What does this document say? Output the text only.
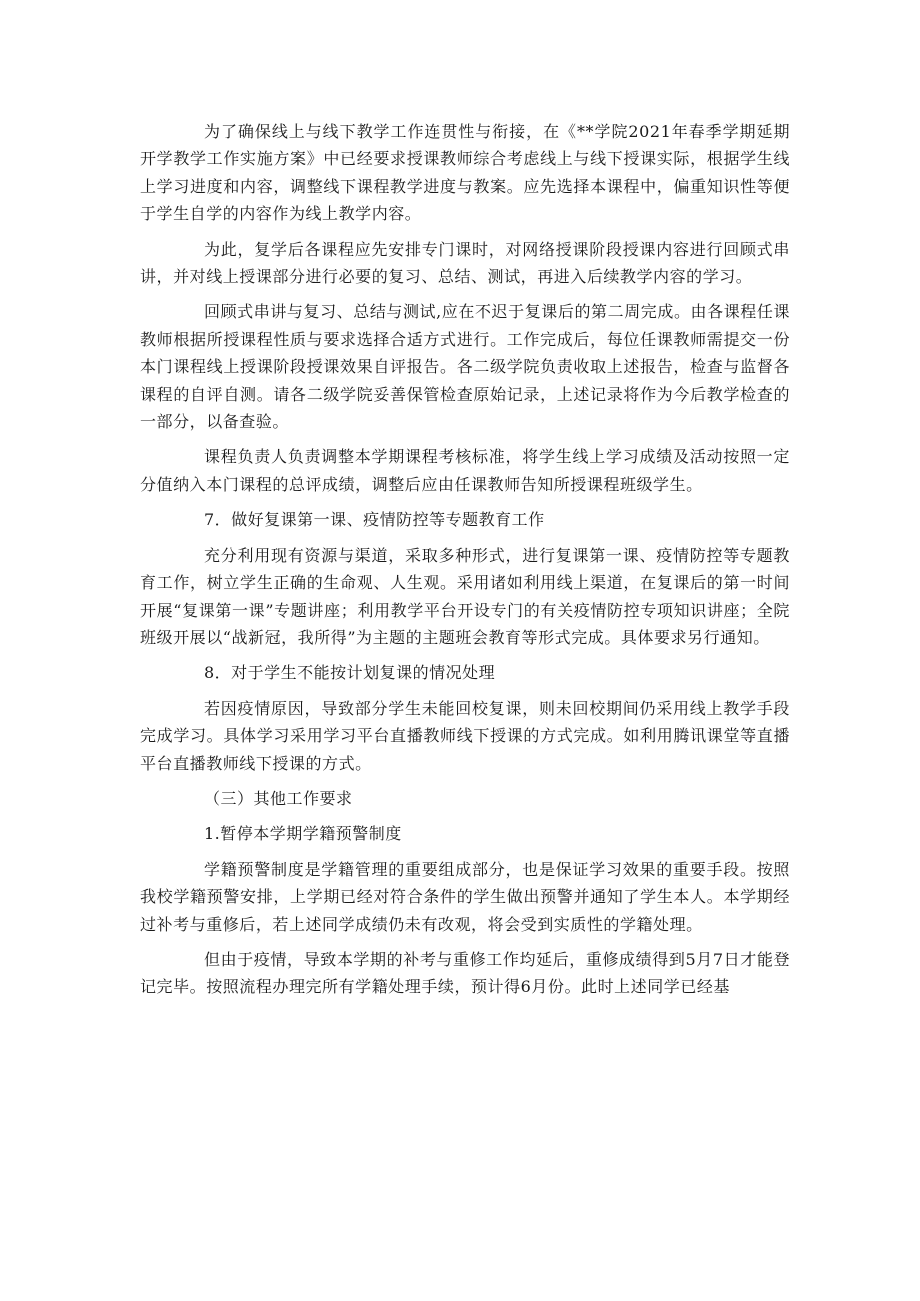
为了确保线上与线下教学工作连贯性与衔接，在《**学院2021年春季学期延期开学教学工作实施方案》中已经要求授课教师综合考虑线上与线下授课实际，根据学生线上学习进度和内容，调整线下课程教学进度与教案。应先选择本课程中，偏重知识性等便于学生自学的内容作为线上教学内容。

为此，复学后各课程应先安排专门课时，对网络授课阶段授课内容进行回顾式串讲，并对线上授课部分进行必要的复习、总结、测试，再进入后续教学内容的学习。

回顾式串讲与复习、总结与测试,应在不迟于复课后的第二周完成。由各课程任课教师根据所授课程性质与要求选择合适方式进行。工作完成后，每位任课教师需提交一份本门课程线上授课阶段授课效果自评报告。各二级学院负责收取上述报告，检查与监督各课程的自评自测。请各二级学院妥善保管检查原始记录，上述记录将作为今后教学检查的一部分，以备查验。

课程负责人负责调整本学期课程考核标准，将学生线上学习成绩及活动按照一定分值纳入本门课程的总评成绩，调整后应由任课教师告知所授课程班级学生。

7．做好复课第一课、疫情防控等专题教育工作

充分利用现有资源与渠道，采取多种形式，进行复课第一课、疫情防控等专题教育工作，树立学生正确的生命观、人生观。采用诸如利用线上渠道，在复课后的第一时间开展“复课第一课”专题讲座；利用教学平台开设专门的有关疫情防控专项知识讲座；全院班级开展以“战新冠，我所得”为主题的主题班会教育等形式完成。具体要求另行通知。

8．对于学生不能按计划复课的情况处理

若因疫情原因，导致部分学生未能回校复课，则未回校期间仍采用线上教学手段完成学习。具体学习采用学习平台直播教师线下授课的方式完成。如利用腾讯课堂等直播平台直播教师线下授课的方式。

（三）其他工作要求

1.暂停本学期学籍预警制度

学籍预警制度是学籍管理的重要组成部分，也是保证学习效果的重要手段。按照我校学籍预警安排，上学期已经对符合条件的学生做出预警并通知了学生本人。本学期经过补考与重修后，若上述同学成绩仍未有改观，将会受到实质性的学籍处理。

但由于疫情，导致本学期的补考与重修工作均延后，重修成绩得到5月7日才能登记完毕。按照流程办理完所有学籍处理手续，预计得6月份。此时上述同学已经基
